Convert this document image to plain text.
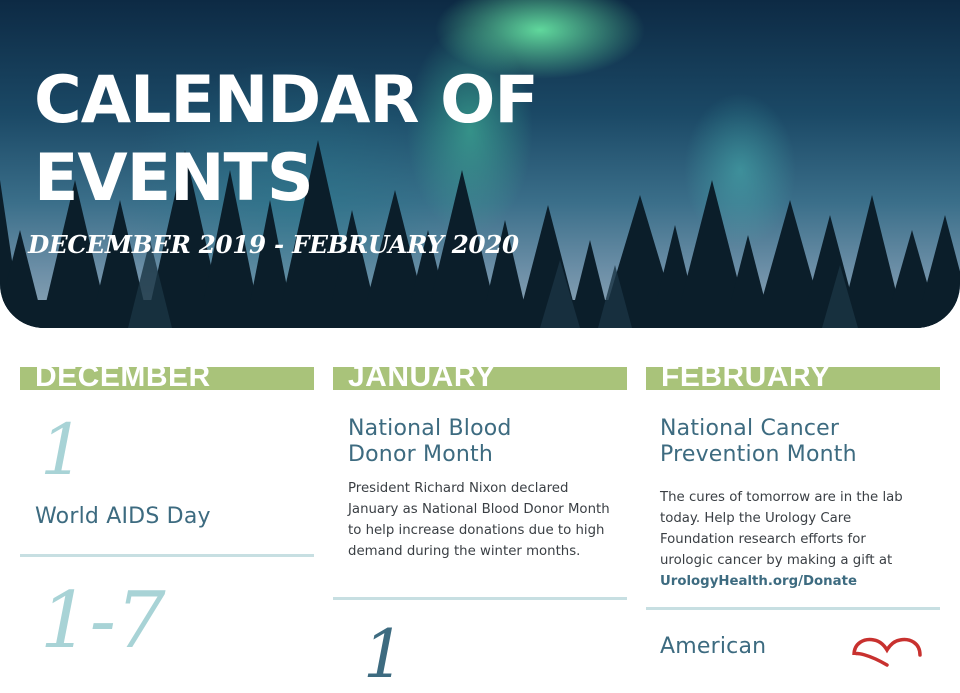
CALENDAR OF EVENTS

DECEMBER 2019 - FEBRUARY 2020

DECEMBER
1

World AIDS Day

1-7
JANUARY

National Blood
Donor Month

President Richard Nixon declared January as National Blood Donor Month to help increase donations due to high demand during the winter months.

1
FEBRUARY

National Cancer
Prevention Month

The cures of tomorrow are in the lab today. Help the Urology Care Foundation research efforts for urologic cancer by making a gift at UrologyHealth.org/Donate

American
